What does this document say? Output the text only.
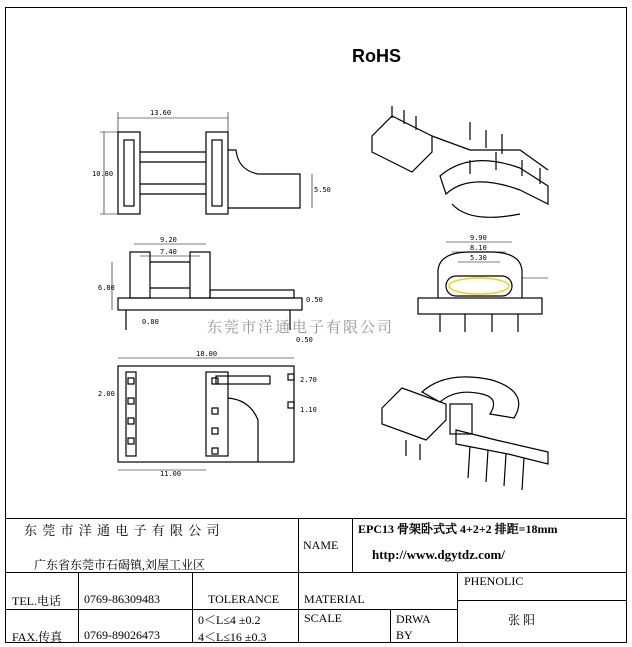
RoHS
13.60
10.80
5.50
9.20
7.40
6.80
0.80
0.50
0.50
9.90
8.10
5.30
18.00
11.00
2.00
2.70
1.10
东莞市洋通电子有限公司
东 莞 市 洋 通 电 子 有 限 公 司
广东省东莞市石碣镇,刘屋工业区
NAME
EPC13 骨架卧式式 4+2+2 排距=18mm
http://www.dgytdz.com/
TEL.电话 0769-86309483	TOLERANCE MATERIAL
PHENOLIC
FAX.传真 0769-89026473
0＜L≤4 ±0.2
4＜L≤16 ±0.3
SCALE	DRWA BY
张 阳
